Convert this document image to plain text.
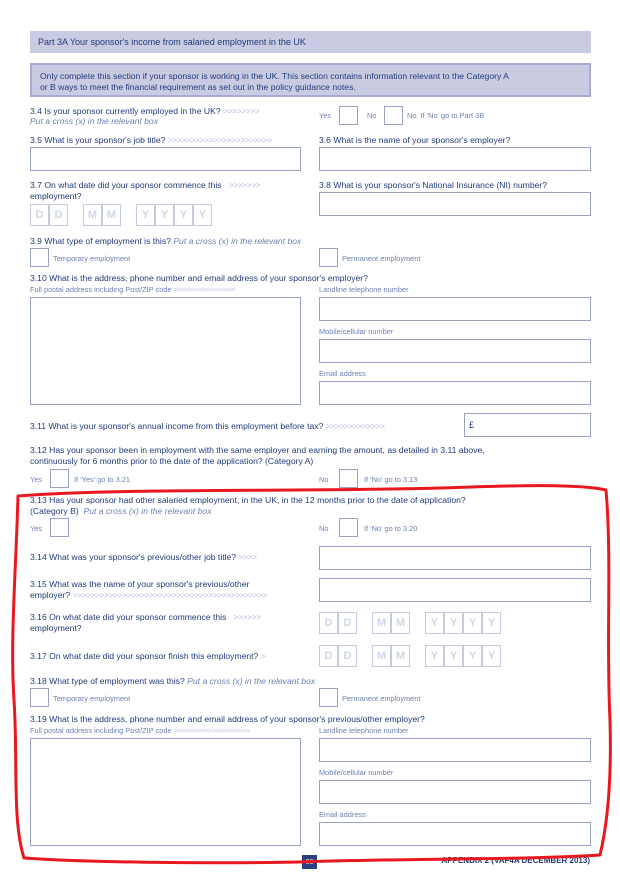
Part 3A Your sponsor's income from salaried employment in the UK
Only complete this section if your sponsor is working in the UK. This section contains information relevant to the Category A
or B ways to meet the financial requirement as set out in the policy guidance notes.
3.4 Is your sponsor currently employed in the UK? >>>>>>>>
Put a cross (x) in the relevant box
Yes	No	No. If 'No' go to Part 3B
3.5 What is your sponsor's job title? >>>>>>>>>>>>>>>>>>>>>>>	3.6 What is the name of your sponsor's employer?
3.7 On what date did your sponsor commence this >>>>>>>
employment?
D	D	M M	Y	Y	Y	Y
3.8 What is your sponsor's National Insurance (NI) number?
3.9 What type of employment is this? Put a cross (x) in the relevant box
Temporary employment	Permanent employment
3.10 What is the address, phone number and email address of your sponsor's employer?
Full postal address including Post/ZIP code >>>>>>>>>>>>>>>>	Landline telephone number
Mobile/cellular number
Email address
3.11 What is your sponsor's annual income from this employment before tax? >>>>>>>>>>>>>	£
3.12 Has your sponsor been in employment with the same employer and earning the amount, as detailed in 3.11 above,
continuously for 6 months prior to the date of the application? (Category A)
Yes	If 'Yes' go to 3.21	No	If 'No' go to 3.13
3.13 Has your sponsor had other salaried employment, in the UK, in the 12 months prior to the date of application?
(Category B) Put a cross (x) in the relevant box
Yes	No	If 'No' go to 3.20
3.14 What was your sponsor's previous/other job title? >>>>
3.15 What was the name of your sponsor's previous/other
employer? >>>>>>>>>>>>>>>>>>>>>>>>>>>>>>>>>>>>>>>>>>>
3.16 On what date did your sponsor commence this >>>>>>
employment?	D	D	M M	Y	Y	Y	Y
3.17 On what date did your sponsor finish this employment? >	D	D	M M	Y	Y	Y	Y
3.18 What type of employment was this? Put a cross (x) in the relevant box
Temporary employment	Permanent employment
3.19 What is the address, phone number and email address of your sponsor's previous/other employer?
Full postal address including Post/ZIP code >>>>>>>>>>>>>>>>>>>>	Landline telephone number
Mobile/cellular number
Email address
08	APPENDIX 2 (VAF4A DECEMBER 2013)
